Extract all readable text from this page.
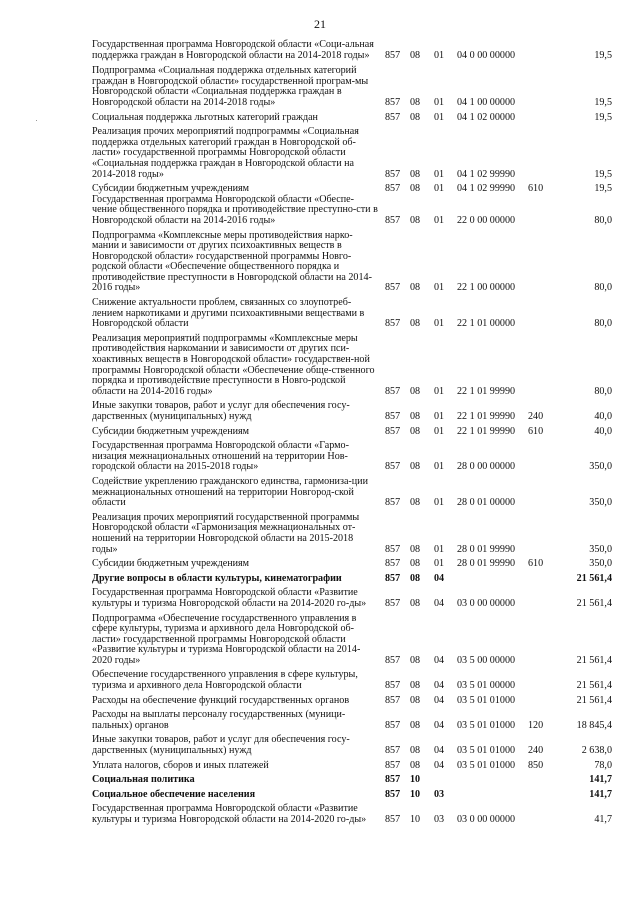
21
Государственная программа Новгородской области «Соци-альная поддержка граждан в Новгородской области на 2014-2018 годы»	857 08 01 04 0 00 00000	19,5
Подпрограмма «Социальная поддержка отдельных категорий граждан в Новгородской области» государственной програм-мы Новгородской области «Социальная поддержка граждан в Новгородской области на 2014-2018 годы»	857 08 01 04 1 00 00000	19,5
Социальная поддержка льготных категорий граждан	857 08 01 04 1 02 00000	19,5
Реализация прочих мероприятий подпрограммы «Социальная поддержка отдельных категорий граждан в Новгородской об-ласти» государственной программы Новгородской области «Социальная поддержка граждан в Новгородской области на 2014-2018 годы»	857 08 01 04 1 02 99990	19,5
Субсидии бюджетным учреждениям	857 08 01 04 1 02 99990 610	19,5
Государственная программа Новгородской области «Обеспе-чение общественного порядка и противодействие преступно-сти в Новгородской области на 2014-2016 годы»	857 08 01 22 0 00 00000	80,0
Подпрограмма «Комплексные меры противодействия нарко-мании и зависимости от других психоактивных веществ в Новгородской области» государственной программы Новго-родской области «Обеспечение общественного порядка и противодействие преступности в Новгородской области на 2014-2016 годы»	857 08 01 22 1 00 00000	80,0
Снижение актуальности проблем, связанных со злоупотреб-лением наркотиками и другими психоактивными веществами в Новгородской области	857 08 01 22 1 01 00000	80,0
Реализация мероприятий подпрограммы «Комплексные меры противодействия наркомании и зависимости от других пси-хоактивных веществ в Новгородской области» государствен-ной программы Новгородской области «Обеспечение обще-ственного порядка и противодействие преступности в Новго-родской области на 2014-2016 годы»	857 08 01 22 1 01 99990	80,0
Иные закупки товаров, работ и услуг для обеспечения госу-дарственных (муниципальных) нужд	857 08 01 22 1 01 99990 240	40,0
Субсидии бюджетным учреждениям	857 08 01 22 1 01 99990 610	40,0
Государственная программа Новгородской области «Гармо-низация межнациональных отношений на территории Нов-городской области на 2015-2018 годы»	857 08 01 28 0 00 00000	350,0
Содействие укреплению гражданского единства, гармониза-ции межнациональных отношений на территории Новгород-ской области	857 08 01 28 0 01 00000	350,0
Реализация прочих мероприятий государственной программы Новгородской области «Гармонизация межнациональных от-ношений на территории Новгородской области на 2015-2018 годы»	857 08 01 28 0 01 99990	350,0
Субсидии бюджетным учреждениям	857 08 01 28 0 01 99990 610	350,0
Другие вопросы в области культуры, кинематографии	857 08 04	21 561,4
Государственная программа Новгородской области «Развитие культуры и туризма Новгородской области на 2014-2020 го-ды»	857 08 04 03 0 00 00000	21 561,4
Подпрограмма «Обеспечение государственного управления в сфере культуры, туризма и архивного дела Новгородской об-ласти» государственной программы Новгородской области «Развитие культуры и туризма Новгородской области на 2014-2020 годы»	857 08 04 03 5 00 00000	21 561,4
Обеспечение государственного управления в сфере культуры, туризма и архивного дела Новгородской области	857 08 04 03 5 01 00000	21 561,4
Расходы на обеспечение функций государственных органов	857 08 04 03 5 01 01000	21 561,4
Расходы на выплаты персоналу государственных (муници-пальных) органов	857 08 04 03 5 01 01000 120	18 845,4
Иные закупки товаров, работ и услуг для обеспечения госу-дарственных (муниципальных) нужд	857 08 04 03 5 01 01000 240	2 638,0
Уплата налогов, сборов и иных платежей	857 08 04 03 5 01 01000 850	78,0
Социальная политика	857 10	141,7
Социальное обеспечение населения	857 10 03	141,7
Государственная программа Новгородской области «Развитие культуры и туризма Новгородской области на 2014-2020 го-ды»	857 10 03 03 0 00 00000	41,7
